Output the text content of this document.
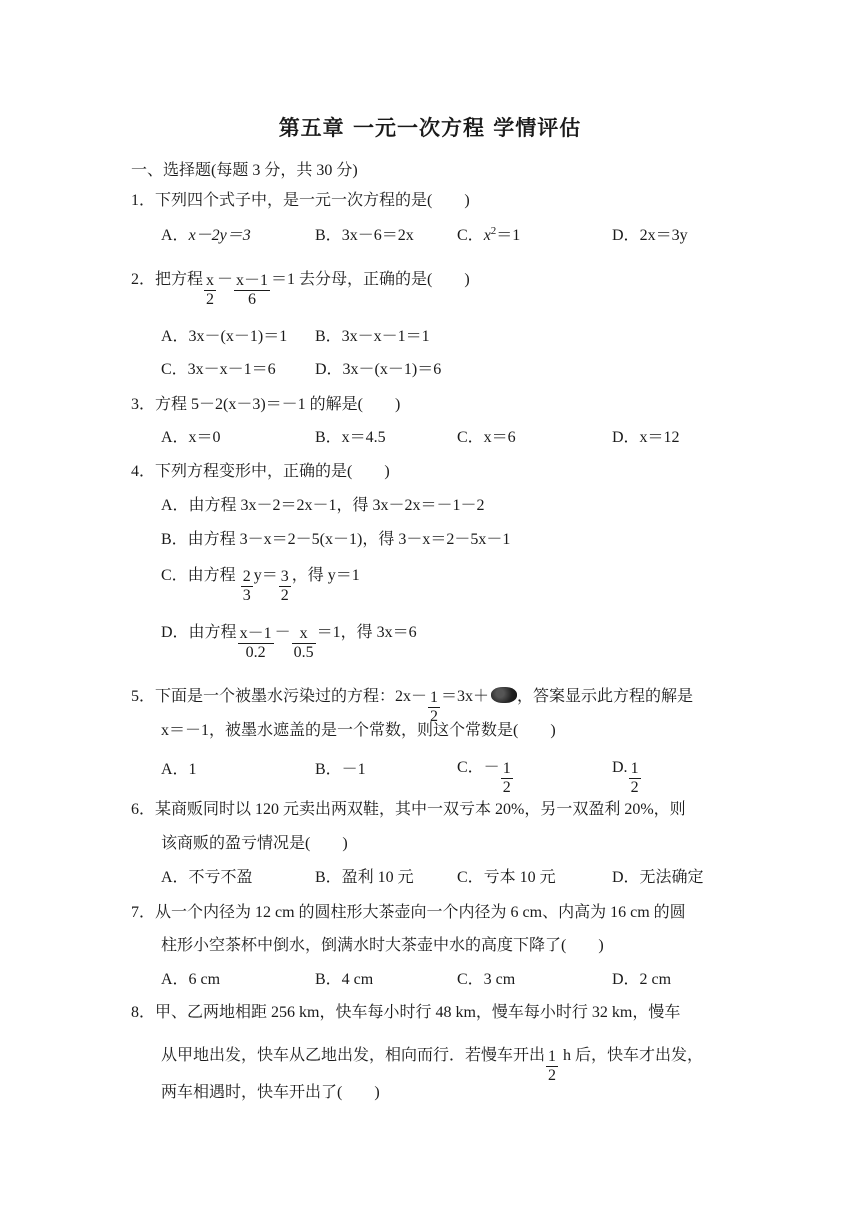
第五章 一元一次方程 学情评估
一、选择题(每题 3 分，共 30 分)
1．下列四个式子中，是一元一次方程的是(　　)
A．x－2y＝3	B．3x－6＝2x	C．$x^2=1$	D．2x＝3y
2．把方程 $\frac{x}{2} - \frac{x-1}{6} =1$ 去分母，正确的是(　　)
A．3x－(x－1)＝1 B．3x－x－1＝1
C．3x－x－1＝6 D．3x－(x－1)＝6
3．方程 5－2(x－3)＝－1 的解是(　　)
A．x＝0	B．x＝4.5	C．x＝6	D．x＝12
4．下列方程变形中，正确的是(　　)
A．由方程 3x－2＝2x－1，得 3x－2x＝－1－2
B．由方程 3－x＝2－5(x－1)，得 3－x＝2－5x－1
C．由方程 $\frac{2}{3} y= \frac{3}{2}$ ，得 y＝1
D．由方程 $\frac{x-1}{0.2} - \frac{x}{0.5} =1$，得 3x＝6
5．下面是一个被墨水污染过的方程：$2x- \frac{1}{2} =3x+$ ，答案显示此方程的解是
x＝－1，被墨水遮盖的是一个常数，则这个常数是(　　)
A．1	B．－1	C．－ $\frac{1}{2}$	D. $\frac{1}{2}$
6．某商贩同时以 120 元卖出两双鞋，其中一双亏本 20%，另一双盈利 20%，则
该商贩的盈亏情况是(　　)
A．不亏不盈	B．盈利 10 元	C．亏本 10 元	D．无法确定
7．从一个内径为 12 cm 的圆柱形大茶壶向一个内径为 6 cm、内高为 16 cm 的圆
柱形小空茶杯中倒水，倒满水时大茶壶中水的高度下降了(　　)
A．6 cm	B．4 cm	C．3 cm	D．2 cm
8．甲、乙两地相距 256 km，快车每小时行 48 km，慢车每小时行 32 km，慢车
从甲地出发，快车从乙地出发，相向而行．若慢车开出 $\frac{1}{2}$ h 后，快车才出发，
两车相遇时，快车开出了(　　)
